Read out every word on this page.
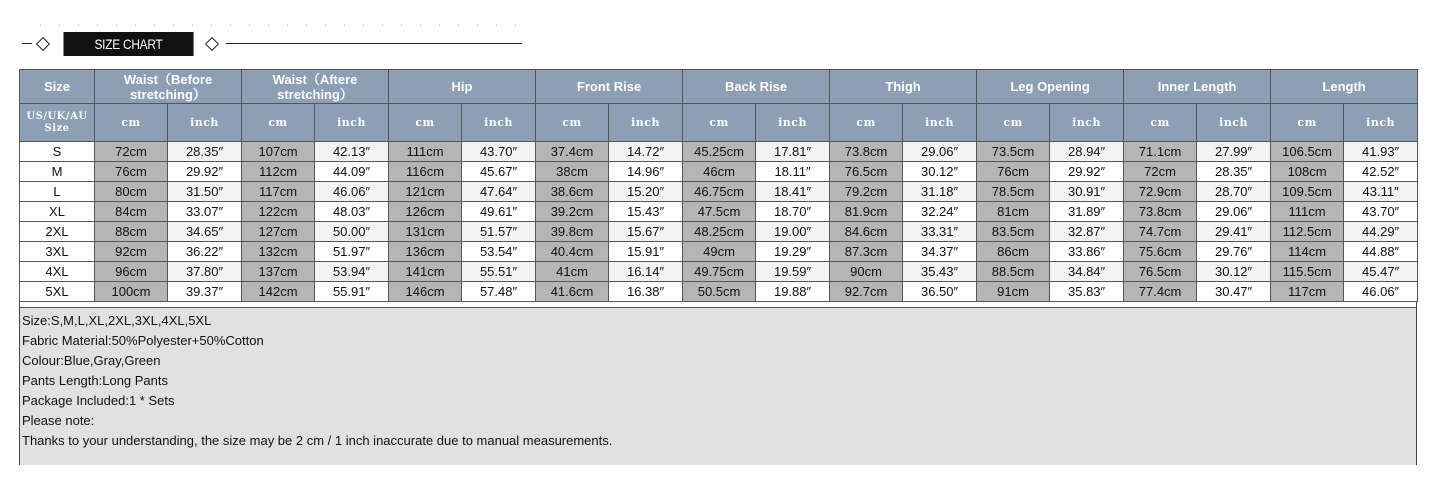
SIZE CHART
Size	Waist（Before stretching）		Waist（Aftere stretching）		Hip		Front Rise		Back Rise		Thigh		Leg Opening		Inner Length		Length	
US/UK/AU Size	cm	inch	cm	inch	cm	inch	cm	inch	cm	inch	cm	inch	cm	inch	cm	inch	cm	inch
S	72cm	28.35″	107cm	42.13″	111cm	43.70″	37.4cm	14.72″	45.25cm	17.81″	73.8cm	29.06″	73.5cm	28.94″	71.1cm	27.99″	106.5cm	41.93″
M	76cm	29.92″	112cm	44.09″	116cm	45.67″	38cm	14.96″	46cm	18.11″	76.5cm	30.12″	76cm	29.92″	72cm	28.35″	108cm	42.52″
L	80cm	31.50″	117cm	46.06″	121cm	47.64″	38.6cm	15.20″	46.75cm	18.41″	79.2cm	31.18″	78.5cm	30.91″	72.9cm	28.70″	109.5cm	43.11″
XL	84cm	33.07″	122cm	48.03″	126cm	49.61″	39.2cm	15.43″	47.5cm	18.70″	81.9cm	32.24″	81cm	31.89″	73.8cm	29.06″	111cm	43.70″
2XL	88cm	34.65″	127cm	50.00″	131cm	51.57″	39.8cm	15.67″	48.25cm	19.00″	84.6cm	33.31″	83.5cm	32.87″	74.7cm	29.41″	112.5cm	44.29″
3XL	92cm	36.22″	132cm	51.97″	136cm	53.54″	40.4cm	15.91″	49cm	19.29″	87.3cm	34.37″	86cm	33.86″	75.6cm	29.76″	114cm	44.88″
4XL	96cm	37.80″	137cm	53.94″	141cm	55.51″	41cm	16.14″	49.75cm	19.59″	90cm	35.43″	88.5cm	34.84″	76.5cm	30.12″	115.5cm	45.47″
5XL	100cm	39.37″	142cm	55.91″	146cm	57.48″	41.6cm	16.38″	50.5cm	19.88″	92.7cm	36.50″	91cm	35.83″	77.4cm	30.47″	117cm	46.06″
Size:S,M,L,XL,2XL,3XL,4XL,5XL
Fabric Material:50%Polyester+50%Cotton
Colour:Blue,Gray,Green
Pants Length:Long Pants
Package Included:1 * Sets
Please note:
Thanks to your understanding, the size may be 2 cm / 1 inch inaccurate due to manual measurements.
